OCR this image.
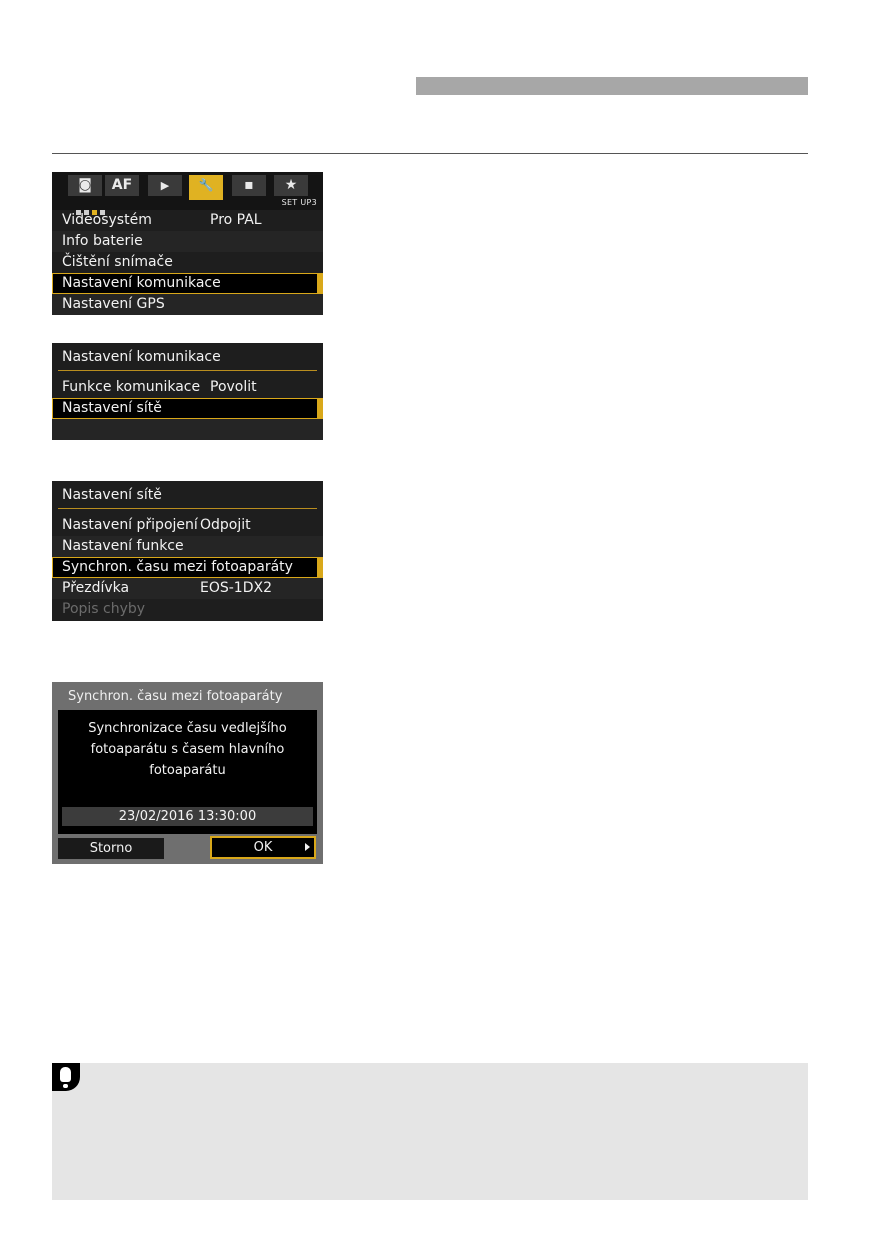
◙	AF	▶	🔧	▪	★
SET UP3
Videosystém	Pro PAL
Info baterie
Čištění snímače
Nastavení komunikace
Nastavení GPS
Nastavení komunikace
Funkce komunikace Povolit
Nastavení sítě
Nastavení sítě
Nastavení připojení Odpojit
Nastavení funkce
Synchron. času mezi fotoaparáty
Přezdívka	EOS-1DX2
Popis chyby
Synchron. času mezi fotoaparáty
Synchronizace času vedlejšího
fotoaparátu s časem hlavního
fotoaparátu
23/02/2016 13:30:00
Storno	OK
